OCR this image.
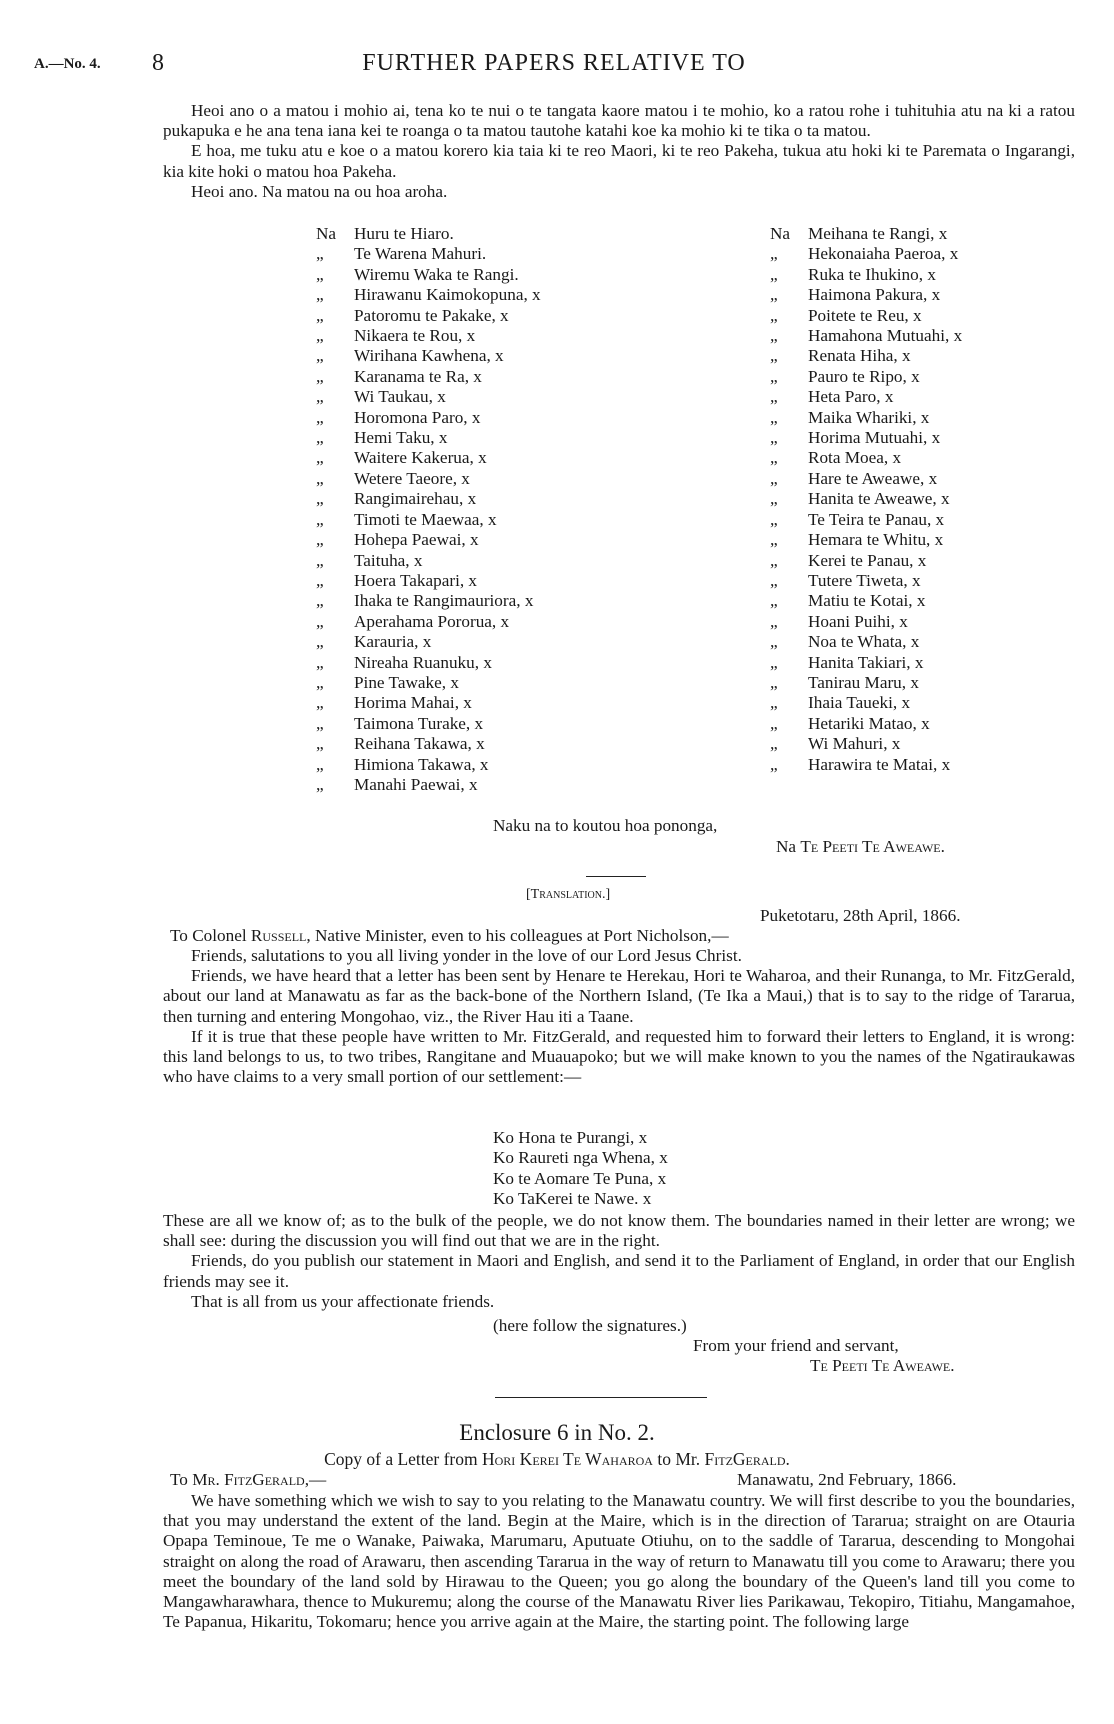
FURTHER PAPERS RELATIVE TO
A.—No. 4. 8

Heoi ano o a matou i mohio ai, tena ko te nui o te tangata kaore matou i te mohio, ko a ratou rohe i tuhituhia atu na ki a ratou pukapuka e he ana tena iana kei te roanga o ta matou tautohe katahi koe ka mohio ki te tika o ta matou.

E hoa, me tuku atu e koe o a matou korero kia taia ki te reo Maori, ki te reo Pakeha, tukua atu hoki ki te Paremata o Ingarangi, kia kite hoki o matou hoa Pakeha.

Heoi ano. Na matou na ou hoa aroha.

Na Huru te Hiaro.
„ Te Warena Mahuri.
„ Wiremu Waka te Rangi.
„ Hirawanu Kaimokopuna, x
„ Patoromu te Pakake, x
„ Nikaera te Rou, x
„ Wirihana Kawhena, x
„ Karanama te Ra, x
„ Wi Taukau, x
„ Horomona Paro, x
„ Hemi Taku, x
„ Waitere Kakerua, x
„ Wetere Taeore, x
„ Rangimairehau, x
„ Timoti te Maewaa, x
„ Hohepa Paewai, x
„ Taituha, x
„ Hoera Takapari, x
„ Ihaka te Rangimauriora, x
„ Aperahama Pororua, x
„ Karauria, x
„ Nireaha Ruanuku, x
„ Pine Tawake, x
„ Horima Mahai, x
„ Taimona Turake, x
„ Reihana Takawa, x
„ Himiona Takawa, x
„ Manahi Paewai, x
Na Meihana te Rangi, x
„ Hekonaiaha Paeroa, x
„ Ruka te Ihukino, x
„ Haimona Pakura, x
„ Poitete te Reu, x
„ Hamahona Mutuahi, x
„ Renata Hiha, x
„ Pauro te Ripo, x
„ Heta Paro, x
„ Maika Whariki, x
„ Horima Mutuahi, x
„ Rota Moea, x
„ Hare te Aweawe, x
„ Hanita te Aweawe, x
„ Te Teira te Panau, x
„ Hemara te Whitu, x
„ Kerei te Panau, x
„ Tutere Tiweta, x
„ Matiu te Kotai, x
„ Hoani Puihi, x
„ Noa te Whata, x
„ Hanita Takiari, x
„ Tanirau Maru, x
„ Ihaia Taueki, x
„ Hetariki Matao, x
„ Wi Mahuri, x
„ Harawira te Matai, x
Naku na to koutou hoa pononga,
Na Te Peeti Te Aweawe.
[Translation.]
Puketotaru, 28th April, 1866.
To Colonel Russell, Native Minister, even to his colleagues at Port Nicholson,—

Friends, salutations to you all living yonder in the love of our Lord Jesus Christ.

Friends, we have heard that a letter has been sent by Henare te Herekau, Hori te Waharoa, and their Runanga, to Mr. FitzGerald, about our land at Manawatu as far as the back-bone of the Northern Island, (Te Ika a Maui,) that is to say to the ridge of Tararua, then turning and entering Mongohao, viz., the River Hau iti a Taane.

If it is true that these people have written to Mr. FitzGerald, and requested him to forward their letters to England, it is wrong: this land belongs to us, to two tribes, Rangitane and Muauapoko; but we will make known to you the names of the Ngatiraukawas who have claims to a very small portion of our settlement:—

Ko Hona te Purangi, x
Ko Raureti nga Whena, x
Ko te Aomare Te Puna, x
Ko TaKerei te Nawe. x

These are all we know of; as to the bulk of the people, we do not know them. The boundaries named in their letter are wrong; we shall see: during the discussion you will find out that we are in the right.

Friends, do you publish our statement in Maori and English, and send it to the Parliament of England, in order that our English friends may see it.

That is all from us your affectionate friends.

(here follow the signatures.)
From your friend and servant,
Te Peeti Te Aweawe.
Enclosure 6 in No. 2.
Copy of a Letter from Hori Kerei Te Waharoa to Mr. FitzGerald.
To Mr. FitzGerald,—	Manawatu, 2nd February, 1866.

We have something which we wish to say to you relating to the Manawatu country. We will first describe to you the boundaries, that you may understand the extent of the land. Begin at the Maire, which is in the direction of Tararua; straight on are Otauria Opapa Teminoue, Te me o Wanake, Paiwaka, Marumaru, Aputuate Otiuhu, on to the saddle of Tararua, descending to Mongohai straight on along the road of Arawaru, then ascending Tararua in the way of return to Manawatu till you come to Arawaru; there you meet the boundary of the land sold by Hirawau to the Queen; you go along the boundary of the Queen's land till you come to Mangawharawhara, thence to Mukuremu; along the course of the Manawatu River lies Parikawau, Tekopiro, Titiahu, Mangamahoe, Te Papanua, Hikaritu, Tokomaru; hence you arrive again at the Maire, the starting point. The following large
